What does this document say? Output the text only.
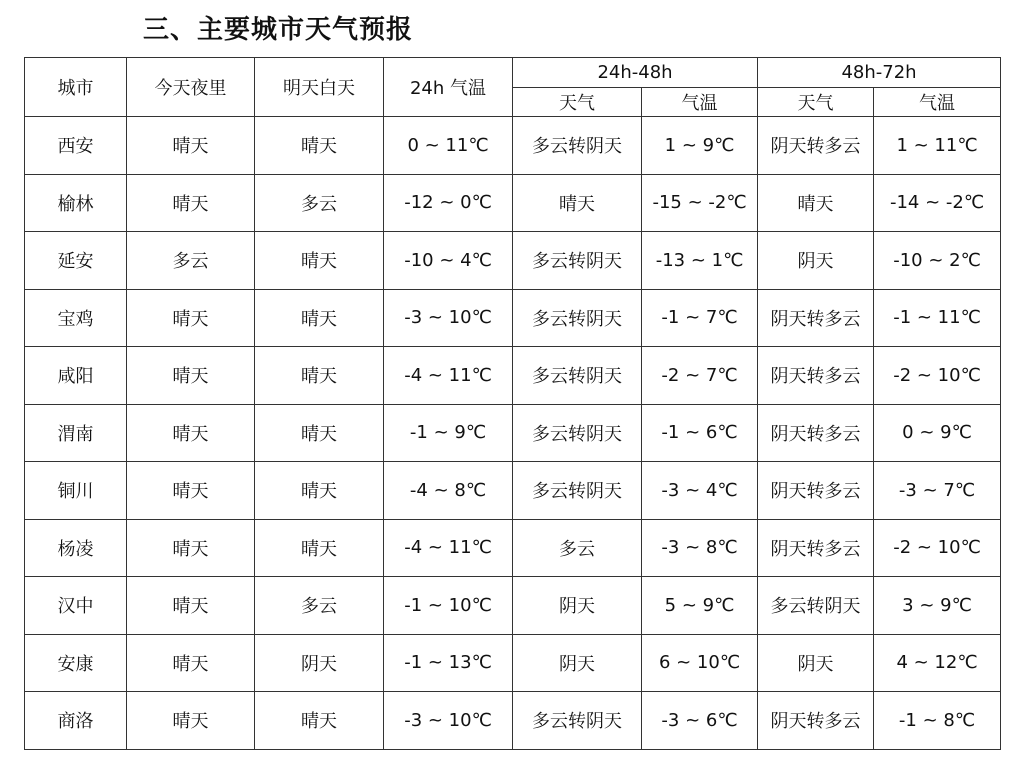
三、主要城市天气预报
城市	今天夜里	明天白天	24h 气温	24h-48h		48h-72h	
				天气	气温	天气	气温
西安	晴天	晴天	0 ~ 11℃	多云转阴天	1 ~ 9℃	阴天转多云	1 ~ 11℃
榆林	晴天	多云	-12 ~ 0℃	晴天	-15 ~ -2℃	晴天	-14 ~ -2℃
延安	多云	晴天	-10 ~ 4℃	多云转阴天	-13 ~ 1℃	阴天	-10 ~ 2℃
宝鸡	晴天	晴天	-3 ~ 10℃	多云转阴天	-1 ~ 7℃	阴天转多云	-1 ~ 11℃
咸阳	晴天	晴天	-4 ~ 11℃	多云转阴天	-2 ~ 7℃	阴天转多云	-2 ~ 10℃
渭南	晴天	晴天	-1 ~ 9℃	多云转阴天	-1 ~ 6℃	阴天转多云	0 ~ 9℃
铜川	晴天	晴天	-4 ~ 8℃	多云转阴天	-3 ~ 4℃	阴天转多云	-3 ~ 7℃
杨凌	晴天	晴天	-4 ~ 11℃	多云	-3 ~ 8℃	阴天转多云	-2 ~ 10℃
汉中	晴天	多云	-1 ~ 10℃	阴天	5 ~ 9℃	多云转阴天	3 ~ 9℃
安康	晴天	阴天	-1 ~ 13℃	阴天	6 ~ 10℃	阴天	4 ~ 12℃
商洛	晴天	晴天	-3 ~ 10℃	多云转阴天	-3 ~ 6℃	阴天转多云	-1 ~ 8℃
